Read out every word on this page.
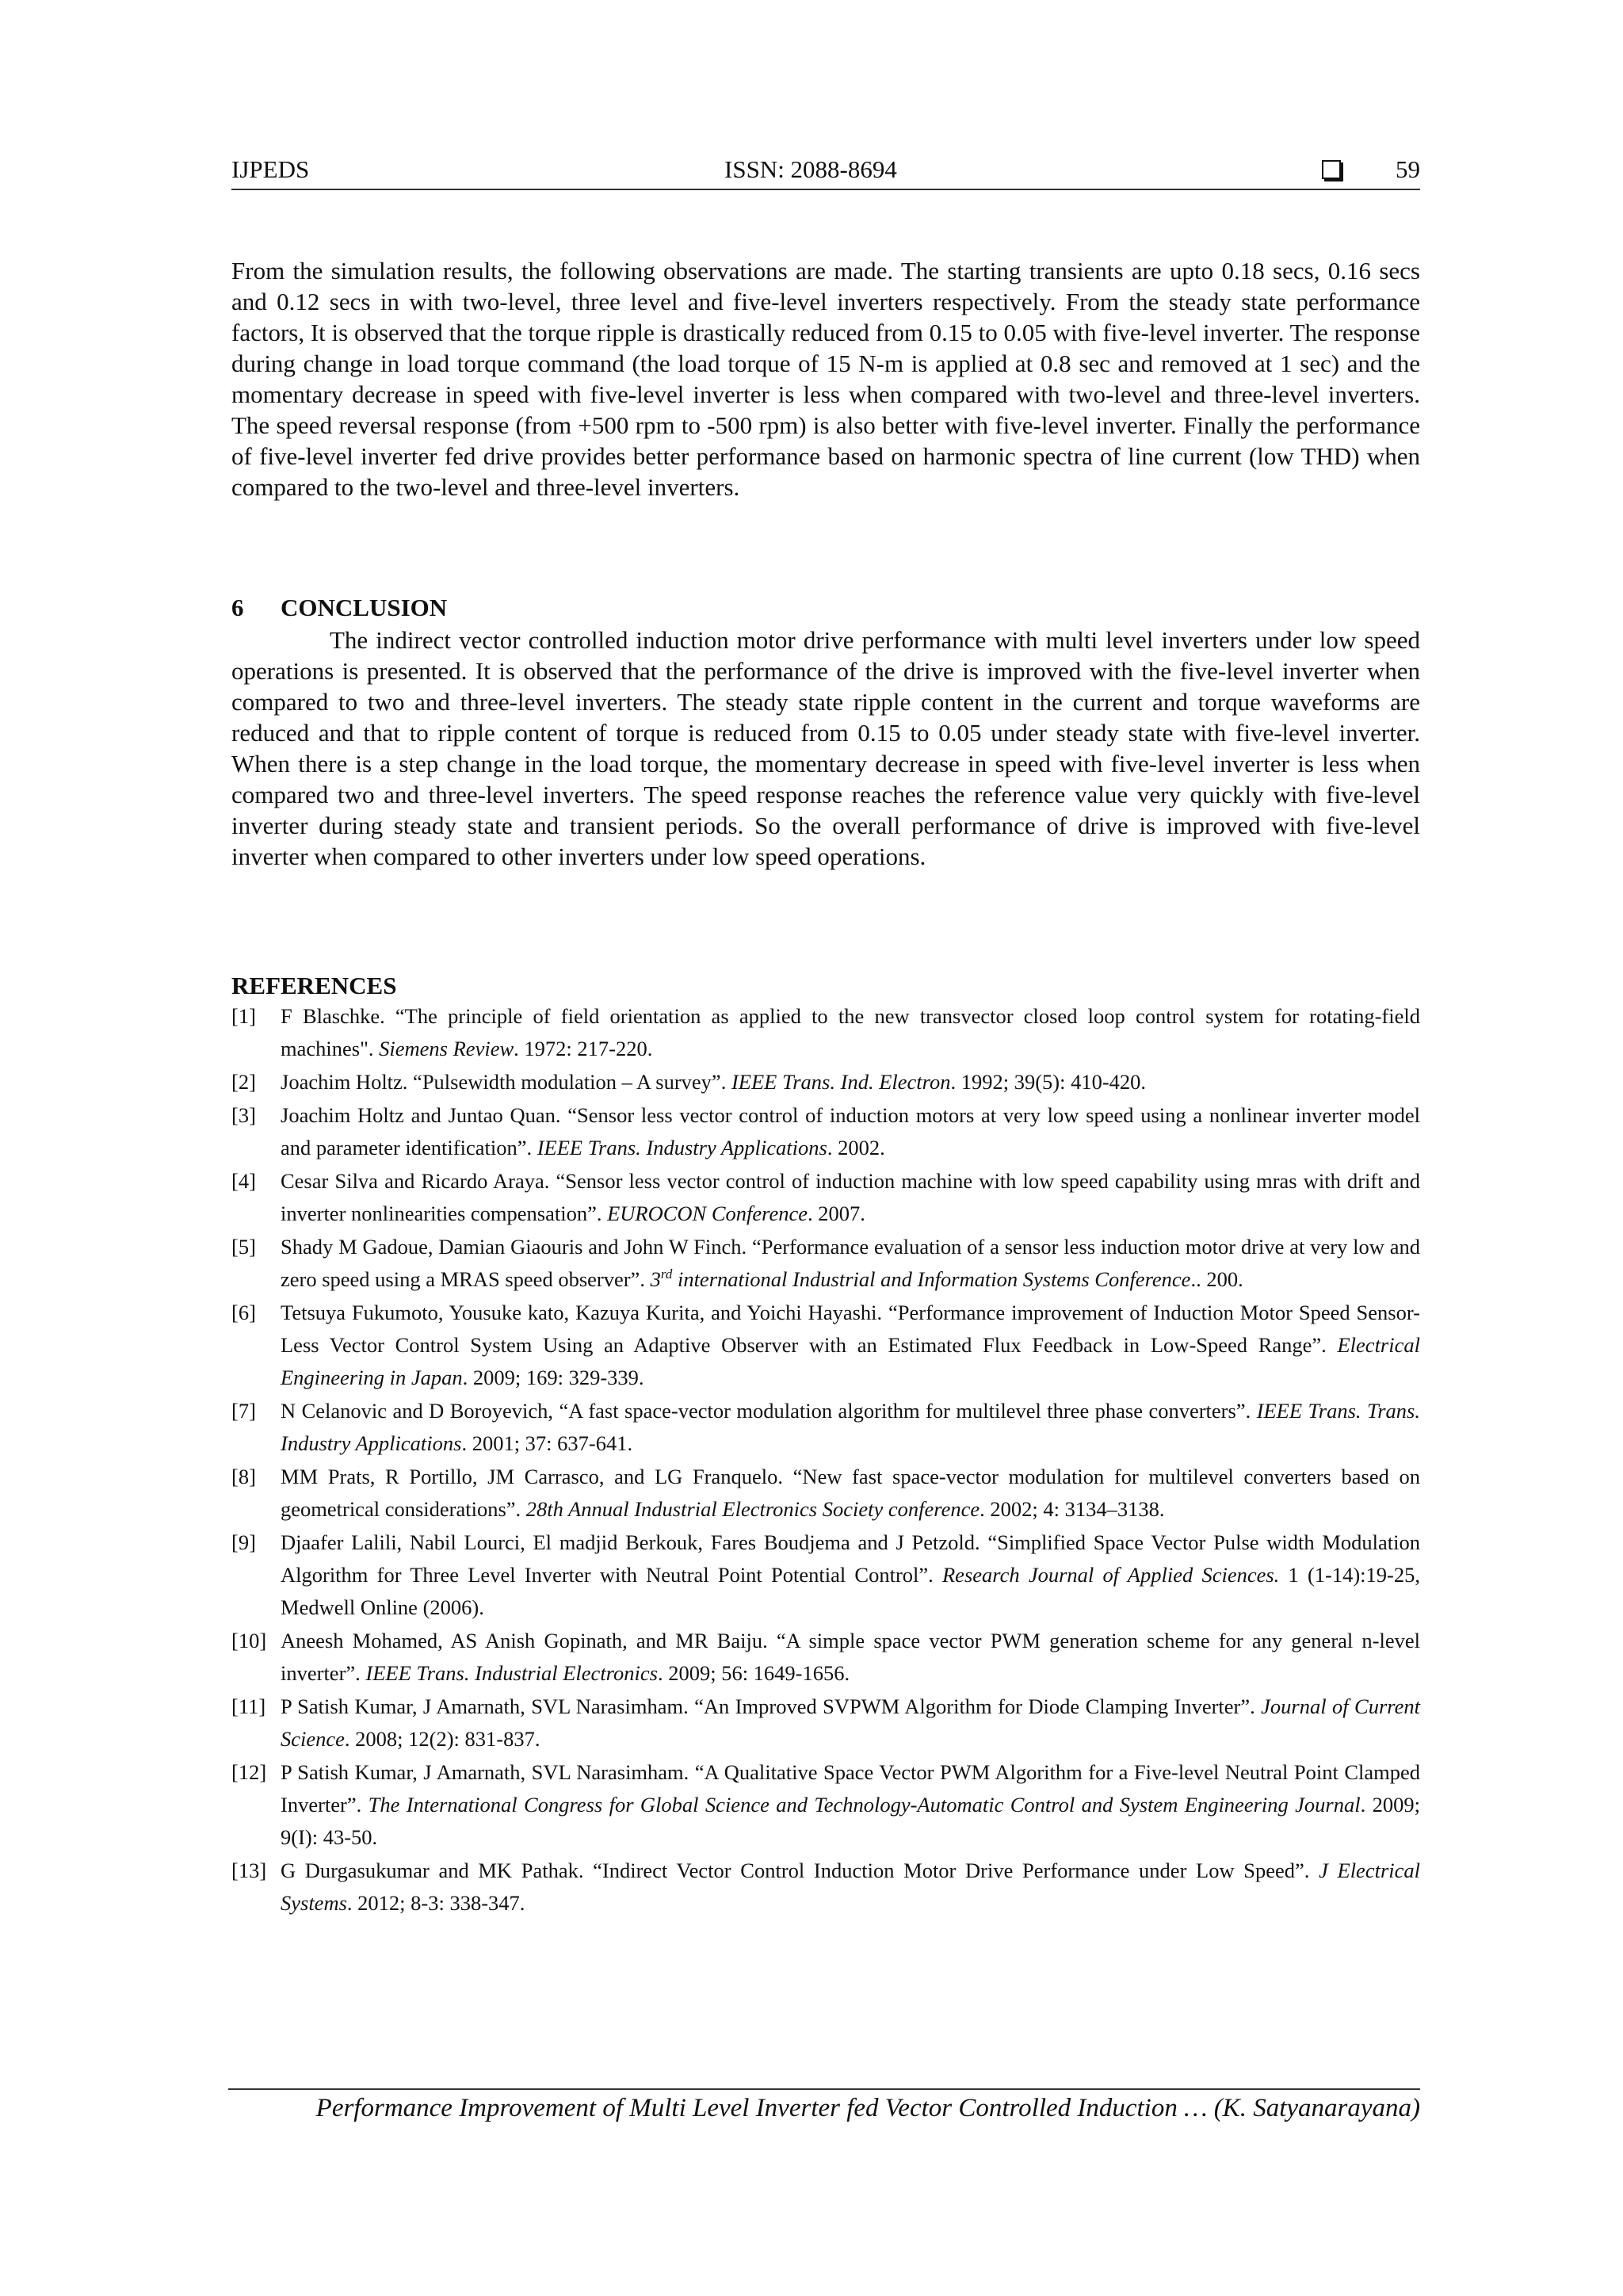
IJPEDS	ISSN: 2088-8694	59

From the simulation results, the following observations are made. The starting transients are upto 0.18 secs, 0.16 secs and 0.12 secs in with two-level, three level and five-level inverters respectively. From the steady state performance factors, It is observed that the torque ripple is drastically reduced from 0.15 to 0.05 with five-level inverter. The response during change in load torque command (the load torque of 15 N-m is applied at 0.8 sec and removed at 1 sec) and the momentary decrease in speed with five-level inverter is less when compared with two-level and three-level inverters. The speed reversal response (from +500 rpm to -500 rpm) is also better with five-level inverter. Finally the performance of five-level inverter fed drive provides better performance based on harmonic spectra of line current (low THD) when compared to the two-level and three-level inverters.

6 CONCLUSION

The indirect vector controlled induction motor drive performance with multi level inverters under low speed operations is presented. It is observed that the performance of the drive is improved with the five-level inverter when compared to two and three-level inverters. The steady state ripple content in the current and torque waveforms are reduced and that to ripple content of torque is reduced from 0.15 to 0.05 under steady state with five-level inverter. When there is a step change in the load torque, the momentary decrease in speed with five-level inverter is less when compared two and three-level inverters. The speed response reaches the reference value very quickly with five-level inverter during steady state and transient periods. So the overall performance of drive is improved with five-level inverter when compared to other inverters under low speed operations.

REFERENCES
[1] F Blaschke. “The principle of field orientation as applied to the new transvector closed loop control system for rotating-field machines". Siemens Review. 1972: 217-220.
[2] Joachim Holtz. “Pulsewidth modulation – A survey”. IEEE Trans. Ind. Electron. 1992; 39(5): 410-420.
[3] Joachim Holtz and Juntao Quan. “Sensor less vector control of induction motors at very low speed using a nonlinear inverter model and parameter identification”. IEEE Trans. Industry Applications. 2002.
[4] Cesar Silva and Ricardo Araya. “Sensor less vector control of induction machine with low speed capability using mras with drift and inverter nonlinearities compensation”. EUROCON Conference. 2007.
[5] Shady M Gadoue, Damian Giaouris and John W Finch. “Performance evaluation of a sensor less induction motor drive at very low and zero speed using a MRAS speed observer”. 3rd international Industrial and Information Systems Conference.. 200.
[6] Tetsuya Fukumoto, Yousuke kato, Kazuya Kurita, and Yoichi Hayashi. “Performance improvement of Induction Motor Speed Sensor-Less Vector Control System Using an Adaptive Observer with an Estimated Flux Feedback in Low-Speed Range”. Electrical Engineering in Japan. 2009; 169: 329-339.
[7] N Celanovic and D Boroyevich, “A fast space-vector modulation algorithm for multilevel three phase converters”. IEEE Trans. Trans. Industry Applications. 2001; 37: 637-641.
[8] MM Prats, R Portillo, JM Carrasco, and LG Franquelo. “New fast space-vector modulation for multilevel converters based on geometrical considerations”. 28th Annual Industrial Electronics Society conference. 2002; 4: 3134–3138.
[9] Djaafer Lalili, Nabil Lourci, El madjid Berkouk, Fares Boudjema and J Petzold. “Simplified Space Vector Pulse width Modulation Algorithm for Three Level Inverter with Neutral Point Potential Control”. Research Journal of Applied Sciences. 1 (1-14):19-25, Medwell Online (2006).
[10] Aneesh Mohamed, AS Anish Gopinath, and MR Baiju. “A simple space vector PWM generation scheme for any general n-level inverter”. IEEE Trans. Industrial Electronics. 2009; 56: 1649-1656.
[11] P Satish Kumar, J Amarnath, SVL Narasimham. “An Improved SVPWM Algorithm for Diode Clamping Inverter”. Journal of Current Science. 2008; 12(2): 831-837.
[12] P Satish Kumar, J Amarnath, SVL Narasimham. “A Qualitative Space Vector PWM Algorithm for a Five-level Neutral Point Clamped Inverter”. The International Congress for Global Science and Technology-Automatic Control and System Engineering Journal. 2009; 9(I): 43-50.
[13] G Durgasukumar and MK Pathak. “Indirect Vector Control Induction Motor Drive Performance under Low Speed”. J Electrical Systems. 2012; 8-3: 338-347.
Performance Improvement of Multi Level Inverter fed Vector Controlled Induction … (K. Satyanarayana)
